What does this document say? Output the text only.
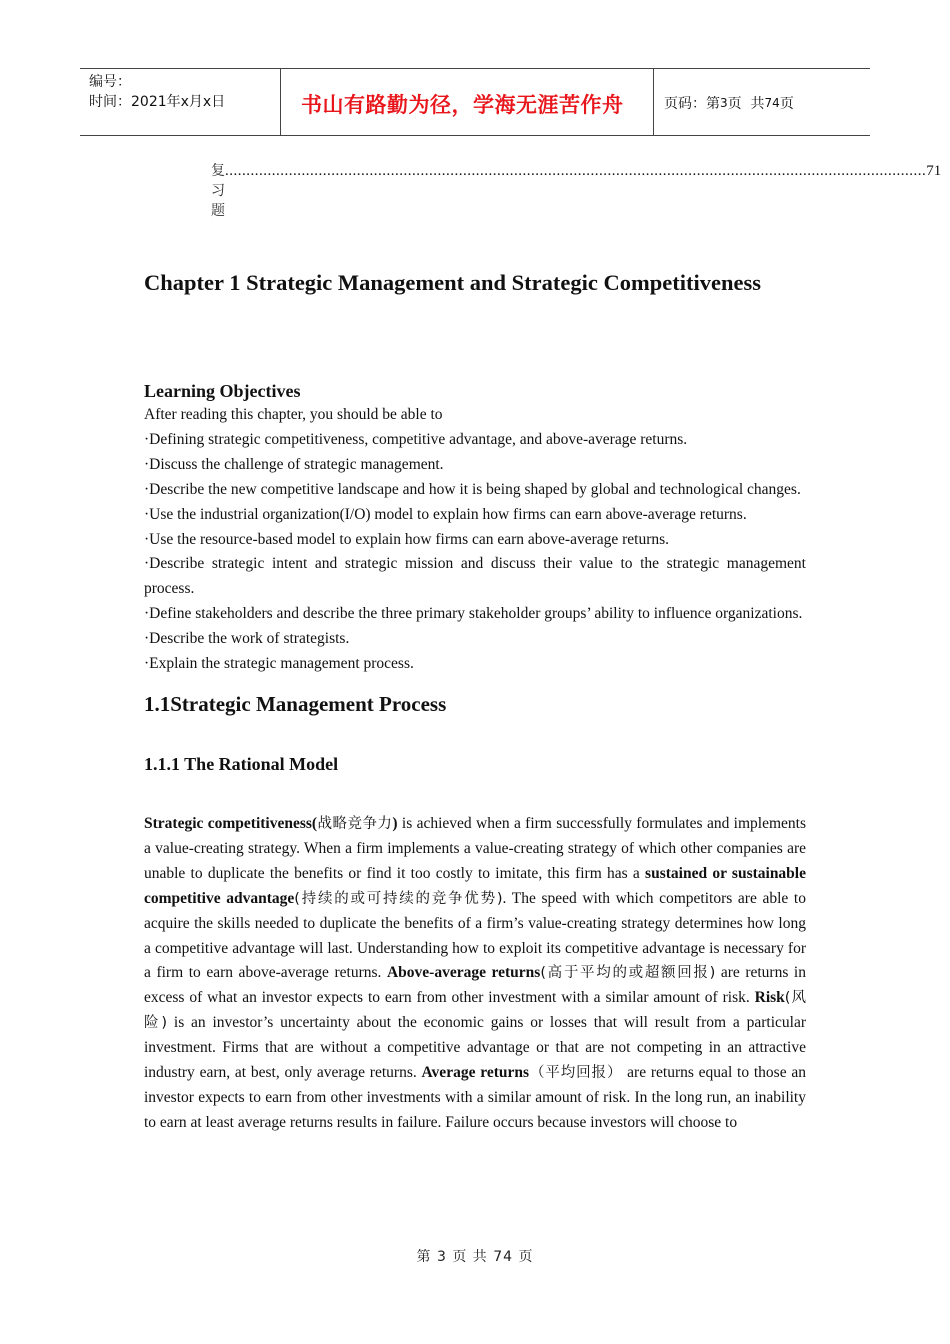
编号：
时间：2021年x月x日	书山有路勤为径，学海无涯苦作舟	页码：第 3 页  共 74 页
复习题
..................................................................................................................................................................... 71
Chapter 1 Strategic Management and Strategic Competitiveness

Learning Objectives

After reading this chapter, you should be able to

·Defining strategic competitiveness, competitive advantage, and above-average returns.

·Discuss the challenge of strategic management.

·Describe the new competitive landscape and how it is being shaped by global and technological changes.

·Use the industrial organization(I/O) model to explain how firms can earn above-average returns.

·Use the resource-based model to explain how firms can earn above-average returns.

·Describe strategic intent and strategic mission and discuss their value to the strategic management process.

·Define stakeholders and describe the three primary stakeholder groups’ ability to influence organizations.

·Describe the work of strategists.

·Explain the strategic management process.

1.1Strategic Management Process
1.1.1 The Rational Model

Strategic competitiveness(战略竞争力) is achieved when a firm successfully formulates and implements a value-creating strategy. When a firm implements a value-creating strategy of which other companies are unable to duplicate the benefits or find it too costly to imitate, this firm has a sustained or sustainable competitive advantage(持续的或可持续的竞争优势). The speed with which competitors are able to acquire the skills needed to duplicate the benefits of a firm’s value-creating strategy determines how long a competitive advantage will last. Understanding how to exploit its competitive advantage is necessary for a firm to earn above-average returns. Above-average returns(高于平均的或超额回报) are returns in excess of what an investor expects to earn from other investment with a similar amount of risk. Risk(风险) is an investor’s uncertainty about the economic gains or losses that will result from a particular investment. Firms that are without a competitive advantage or that are not competing in an attractive industry earn, at best, only average returns. Average returns（平均回报） are returns equal to those an investor expects to earn from other investments with a similar amount of risk. In the long run, an inability to earn at least average returns results in failure. Failure occurs because investors will choose to

第 3 页 共 74 页
